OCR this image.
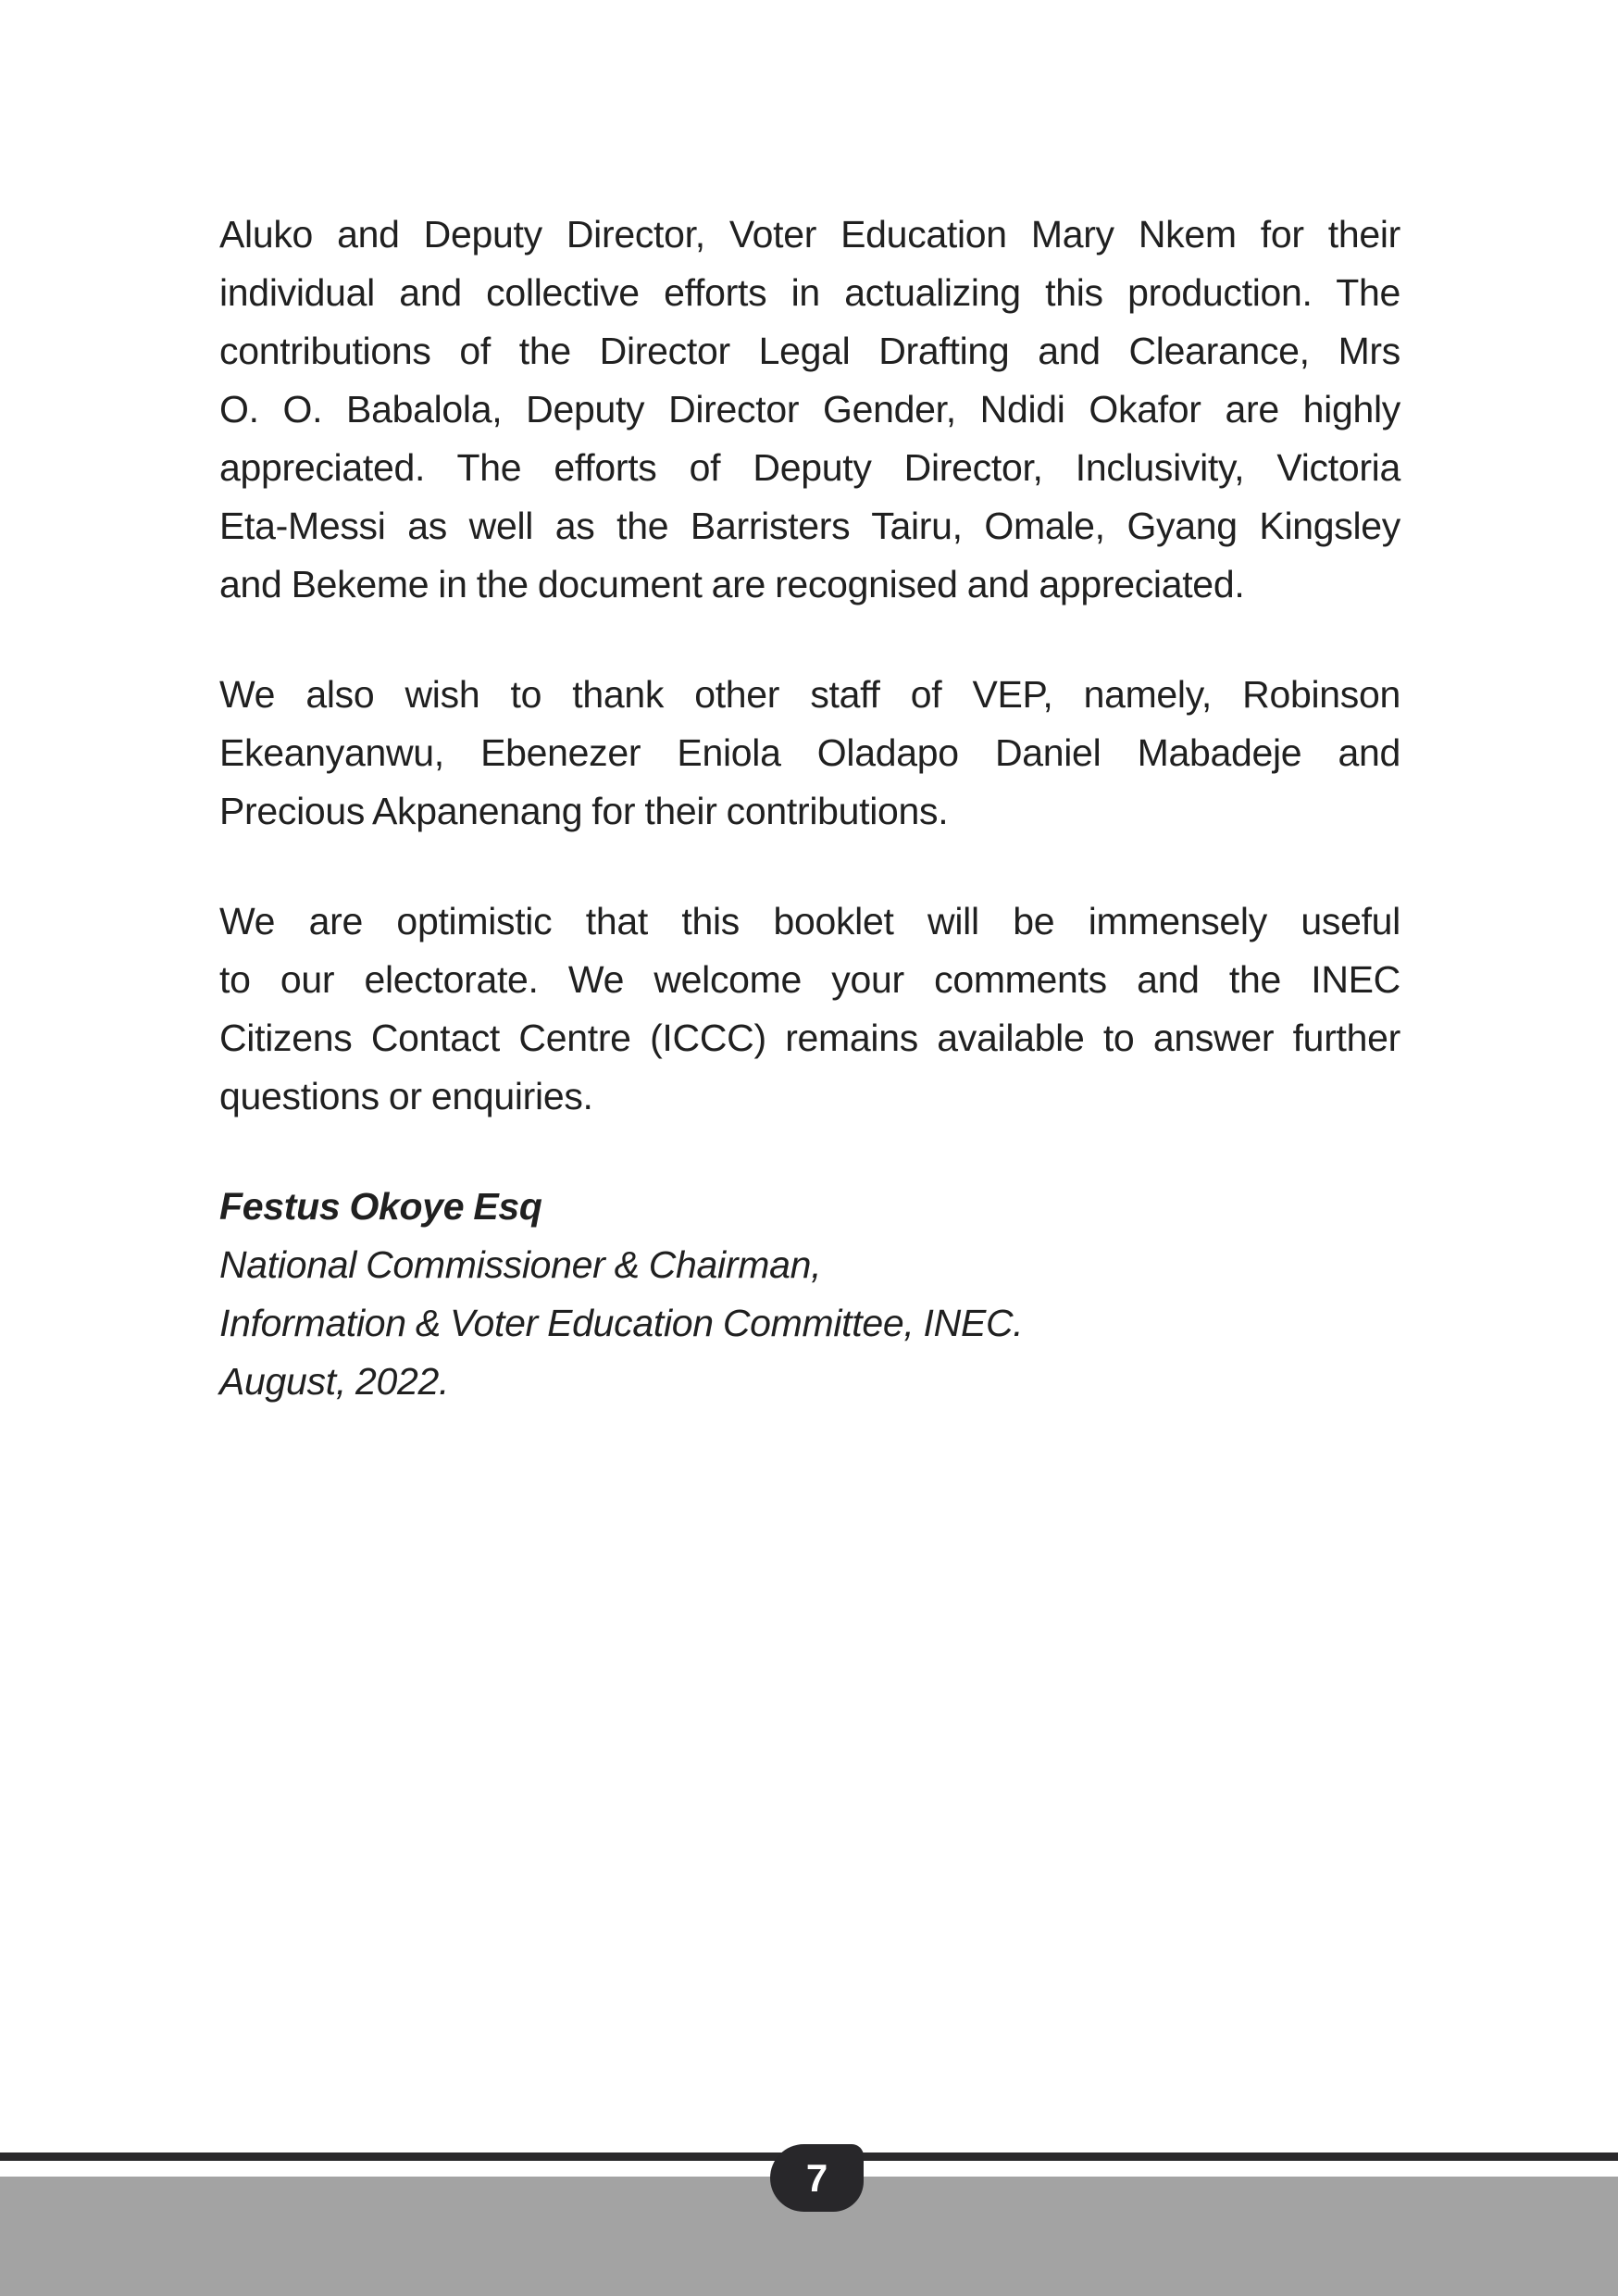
Aluko and Deputy Director, Voter Education Mary Nkem for their
individual and collective efforts in actualizing this production. The
contributions of the Director Legal Drafting and Clearance, Mrs
O. O. Babalola, Deputy Director Gender, Ndidi Okafor are highly
appreciated. The efforts of Deputy Director, Inclusivity, Victoria
Eta-Messi as well as the Barristers Tairu, Omale, Gyang Kingsley
and Bekeme in the document are recognised and appreciated.
We also wish to thank other staff of VEP, namely, Robinson
Ekeanyanwu, Ebenezer Eniola Oladapo Daniel Mabadeje and
Precious Akpanenang for their contributions.
We are optimistic that this booklet will be immensely useful
to our electorate. We welcome your comments and the INEC
Citizens Contact Centre (ICCC) remains available to answer further
questions or enquiries.
Festus Okoye Esq
National Commissioner & Chairman,
Information & Voter Education Committee, INEC.
August, 2022.
7
